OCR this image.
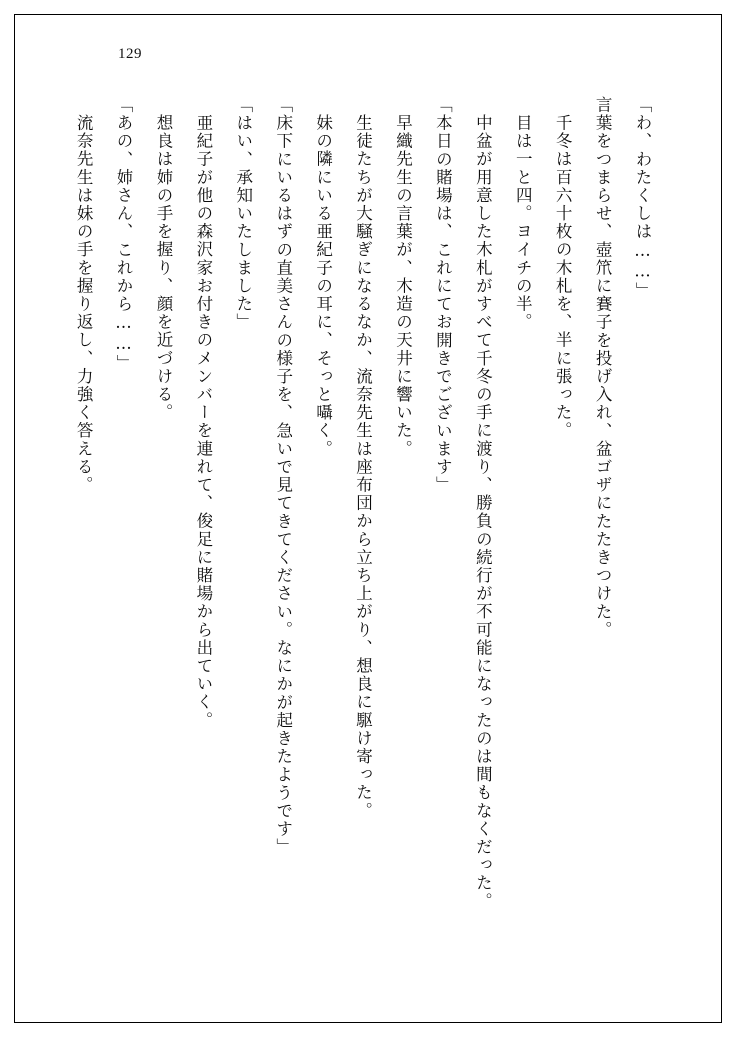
129
「わ、わたくしは……」
言葉をつまらせ、壺笊に賽子を投げ入れ、盆ゴザにたたきつけた。
千冬は百六十枚の木札を、半に張った。
目は一と四。ヨイチの半。
中盆が用意した木札がすべて千冬の手に渡り、勝負の続行が不可能になったのは間もなくだった。
「本日の賭場は、これにてお開きでございます」
早織先生の言葉が、木造の天井に響いた。
生徒たちが大騒ぎになるなか、流奈先生は座布団から立ち上がり、想良に駆け寄った。
妹の隣にいる亜紀子の耳に、そっと囁く。
「床下にいるはずの直美さんの様子を、急いで見てきてください。なにかが起きたようです」
「はい、承知いたしました」
亜紀子が他の森沢家お付きのメンバーを連れて、俊足に賭場から出ていく。
想良は姉の手を握り、顔を近づける。
「あの、姉さん、これから……」
流奈先生は妹の手を握り返し、力強く答える。
